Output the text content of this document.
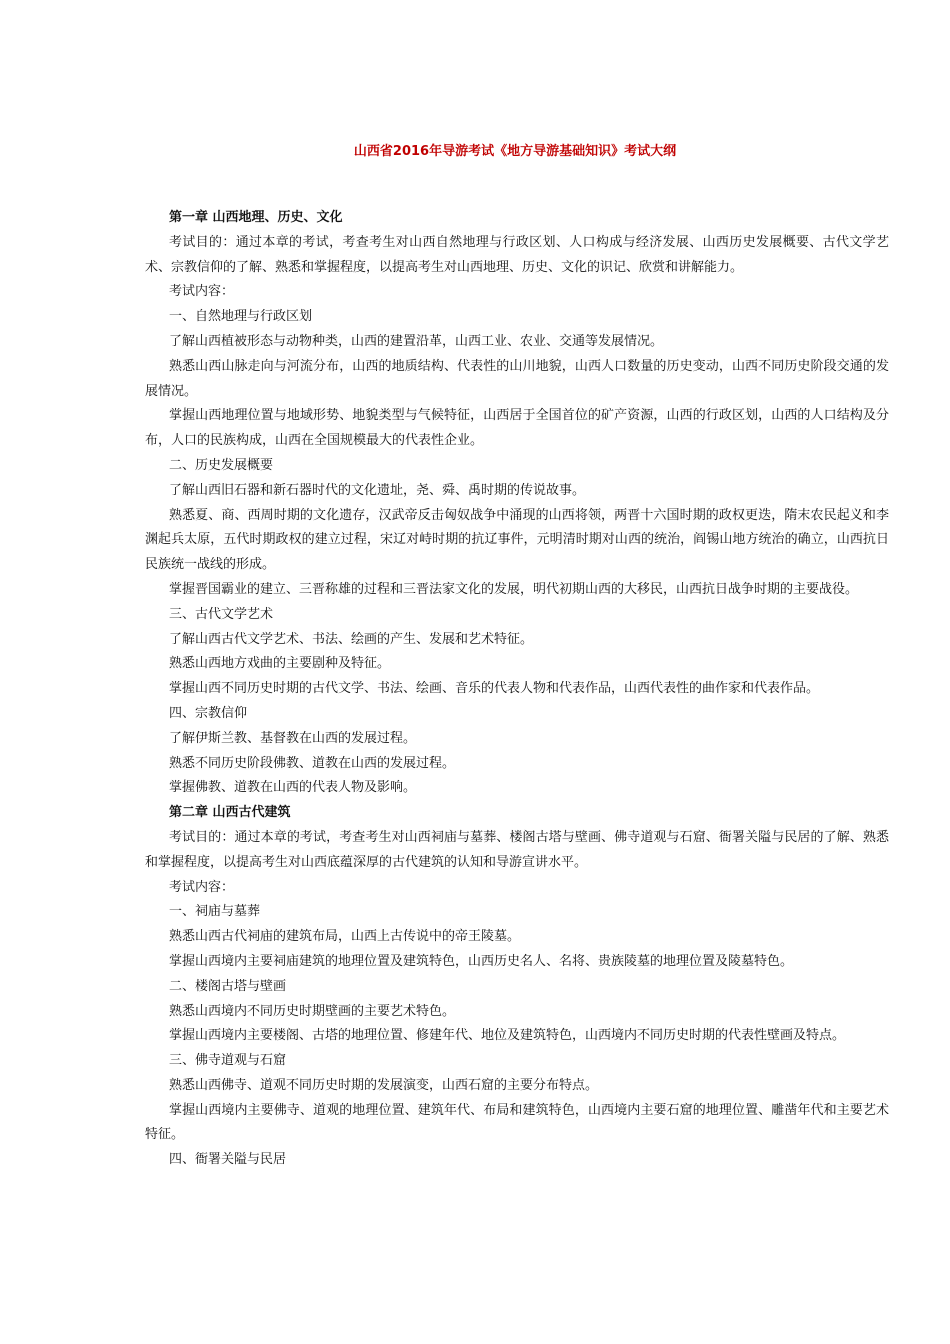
山西省2016年导游考试《地方导游基础知识》考试大纲

第一章 山西地理、历史、文化

考试目的：通过本章的考试，考查考生对山西自然地理与行政区划、人口构成与经济发展、山西历史发展概要、古代文学艺术、宗教信仰的了解、熟悉和掌握程度，以提高考生对山西地理、历史、文化的识记、欣赏和讲解能力。

考试内容：

一、自然地理与行政区划

了解山西植被形态与动物种类，山西的建置沿革，山西工业、农业、交通等发展情况。

熟悉山西山脉走向与河流分布，山西的地质结构、代表性的山川地貌，山西人口数量的历史变动，山西不同历史阶段交通的发展情况。

掌握山西地理位置与地域形势、地貌类型与气候特征，山西居于全国首位的矿产资源，山西的行政区划，山西的人口结构及分布，人口的民族构成，山西在全国规模最大的代表性企业。

二、历史发展概要

了解山西旧石器和新石器时代的文化遗址，尧、舜、禹时期的传说故事。

熟悉夏、商、西周时期的文化遗存，汉武帝反击匈奴战争中涌现的山西将领，两晋十六国时期的政权更迭，隋末农民起义和李渊起兵太原，五代时期政权的建立过程，宋辽对峙时期的抗辽事件，元明清时期对山西的统治，阎锡山地方统治的确立，山西抗日民族统一战线的形成。

掌握晋国霸业的建立、三晋称雄的过程和三晋法家文化的发展，明代初期山西的大移民，山西抗日战争时期的主要战役。

三、古代文学艺术

了解山西古代文学艺术、书法、绘画的产生、发展和艺术特征。

熟悉山西地方戏曲的主要剧种及特征。

掌握山西不同历史时期的古代文学、书法、绘画、音乐的代表人物和代表作品，山西代表性的曲作家和代表作品。

四、宗教信仰

了解伊斯兰教、基督教在山西的发展过程。

熟悉不同历史阶段佛教、道教在山西的发展过程。

掌握佛教、道教在山西的代表人物及影响。

第二章 山西古代建筑

考试目的：通过本章的考试，考查考生对山西祠庙与墓葬、楼阁古塔与壁画、佛寺道观与石窟、衙署关隘与民居的了解、熟悉和掌握程度，以提高考生对山西底蕴深厚的古代建筑的认知和导游宣讲水平。

考试内容：

一、祠庙与墓葬

熟悉山西古代祠庙的建筑布局，山西上古传说中的帝王陵墓。

掌握山西境内主要祠庙建筑的地理位置及建筑特色，山西历史名人、名将、贵族陵墓的地理位置及陵墓特色。

二、楼阁古塔与壁画

熟悉山西境内不同历史时期壁画的主要艺术特色。

掌握山西境内主要楼阁、古塔的地理位置、修建年代、地位及建筑特色，山西境内不同历史时期的代表性壁画及特点。

三、佛寺道观与石窟

熟悉山西佛寺、道观不同历史时期的发展演变，山西石窟的主要分布特点。

掌握山西境内主要佛寺、道观的地理位置、建筑年代、布局和建筑特色，山西境内主要石窟的地理位置、雕凿年代和主要艺术特征。

四、衙署关隘与民居
